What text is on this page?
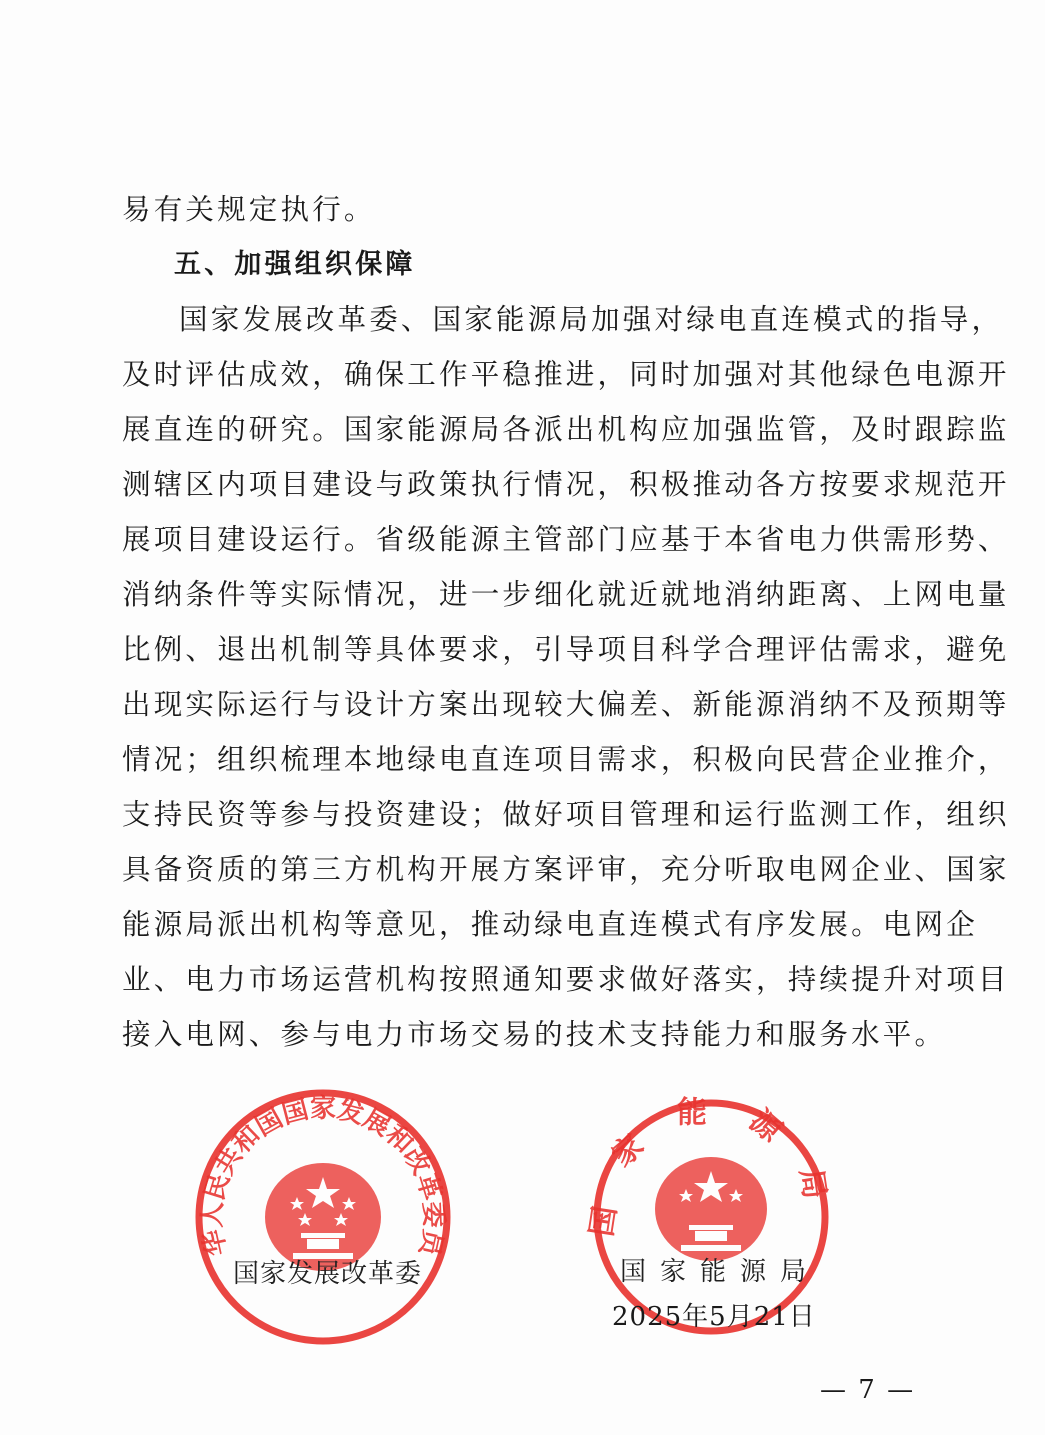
易有关规定执行。
五、加强组织保障
国家发展改革委、国家能源局加强对绿电直连模式的指导，
及时评估成效，确保工作平稳推进，同时加强对其他绿色电源开
展直连的研究。国家能源局各派出机构应加强监管，及时跟踪监
测辖区内项目建设与政策执行情况，积极推动各方按要求规范开
展项目建设运行。省级能源主管部门应基于本省电力供需形势、
消纳条件等实际情况，进一步细化就近就地消纳距离、上网电量
比例、退出机制等具体要求，引导项目科学合理评估需求，避免
出现实际运行与设计方案出现较大偏差、新能源消纳不及预期等
情况；组织梳理本地绿电直连项目需求，积极向民营企业推介，
支持民资等参与投资建设；做好项目管理和运行监测工作，组织
具备资质的第三方机构开展方案评审，充分听取电网企业、国家
能源局派出机构等意见，推动绿电直连模式有序发展。电网企
业、电力市场运营机构按照通知要求做好落实，持续提升对项目
接入电网、参与电力市场交易的技术支持能力和服务水平。
中华人民共和国国家发展和改革委员会
国家能源局
国家发展改革委	国家能源局
2025年5月21日
— 7 —
